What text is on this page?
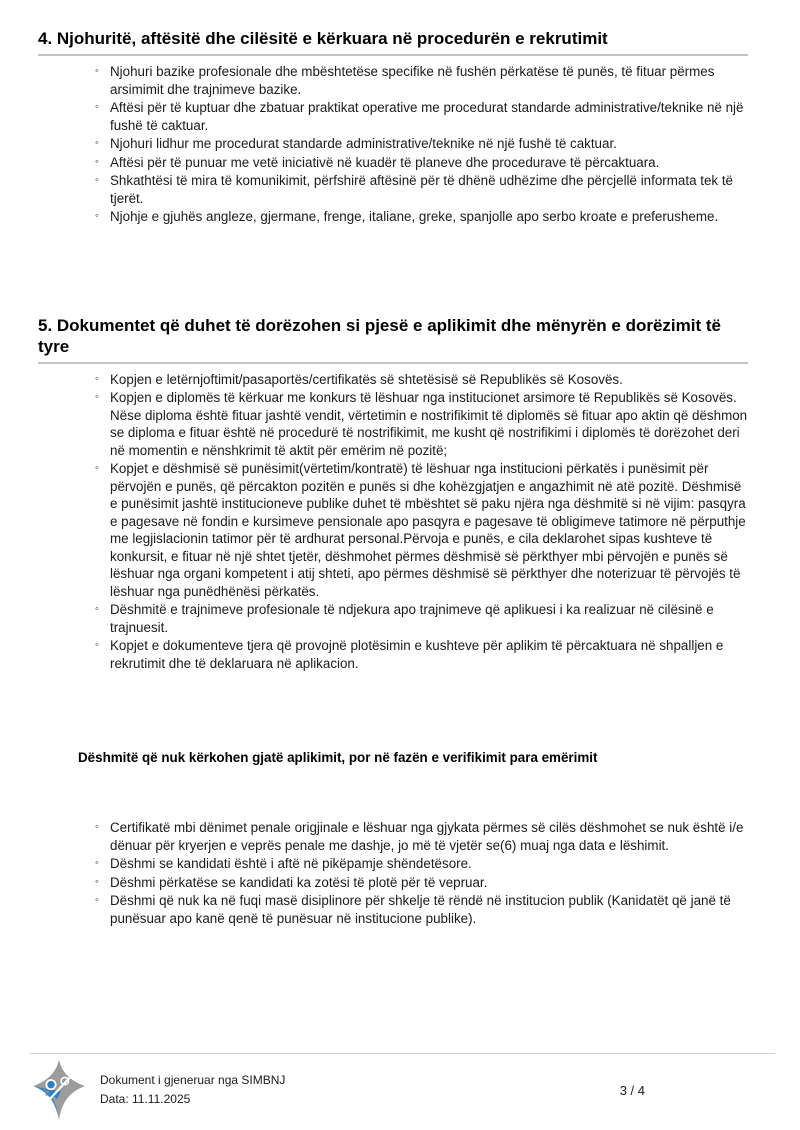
4. Njohuritë, aftësitë dhe cilësitë e kërkuara në procedurën e rekrutimit
◦ Njohuri bazike profesionale dhe mbështetëse specifike në fushën përkatëse të punës, të fituar përmes arsimimit dhe trajnimeve bazike.
◦ Aftësi për të kuptuar dhe zbatuar praktikat operative me procedurat standarde administrative/teknike në një fushë të caktuar.
◦ Njohuri lidhur me procedurat standarde administrative/teknike në një fushë të caktuar.
◦ Aftësi për të punuar me vetë iniciativë në kuadër të planeve dhe procedurave të përcaktuara.
◦ Shkathtësi të mira të komunikimit, përfshirë aftësinë për të dhënë udhëzime dhe përcjellë informata tek të tjerët.
◦ Njohje e gjuhës angleze, gjermane, frenge, italiane, greke, spanjolle apo serbo kroate e preferusheme.
5. Dokumentet që duhet të dorëzohen si pjesë e aplikimit dhe mënyrën e dorëzimit të tyre
◦ Kopjen e letërnjoftimit/pasaportës/certifikatës së shtetësisë së Republikës së Kosovës.
◦ Kopjen e diplomës të kërkuar me konkurs të lëshuar nga institucionet arsimore të Republikës së Kosovës. Nëse diploma është fituar jashtë vendit, vërtetimin e nostrifikimit të diplomës së fituar apo aktin që dëshmon se diploma e fituar është në procedurë të nostrifikimit, me kusht që nostrifikimi i diplomës të dorëzohet deri në momentin e nënshkrimit të aktit për emërim në pozitë;
◦ Kopjet e dëshmisë së punësimit(vërtetim/kontratë) të lëshuar nga institucioni përkatës i punësimit për përvojën e punës, që përcakton pozitën e punës si dhe kohëzgjatjen e angazhimit në atë pozitë. Dëshmisë e punësimit jashtë institucioneve publike duhet të mbështet së paku njëra nga dëshmitë si në vijim: pasqyra e pagesave në fondin e kursimeve pensionale apo pasqyra e pagesave të obligimeve tatimore në përputhje me legjislacionin tatimor për të ardhurat personal.Përvoja e punës, e cila deklarohet sipas kushteve të konkursit, e fituar në një shtet tjetër, dëshmohet përmes dëshmisë së përkthyer mbi përvojën e punës së lëshuar nga organi kompetent i atij shteti, apo përmes dëshmisë së përkthyer dhe noterizuar të përvojës të lëshuar nga punëdhënësi përkatës.
◦ Dëshmitë e trajnimeve profesionale të ndjekura apo trajnimeve që aplikuesi i ka realizuar në cilësinë e trajnuesit.
◦ Kopjet e dokumenteve tjera që provojnë plotësimin e kushteve për aplikim të përcaktuara në shpalljen e rekrutimit dhe të deklaruara në aplikacion.
Dëshmitë që nuk kërkohen gjatë aplikimit, por në fazën e verifikimit para emërimit
◦ Certifikatë mbi dënimet penale origjinale e lëshuar nga gjykata përmes së cilës dëshmohet se nuk është i/e dënuar për kryerjen e veprës penale me dashje, jo më të vjetër se(6) muaj nga data e lëshimit.
◦ Dëshmi se kandidati është i aftë në pikëpamje shëndetësore.
◦ Dëshmi përkatëse se kandidati ka zotësi të plotë për të vepruar.
◦ Dëshmi që nuk ka në fuqi masë disiplinore për shkelje të rëndë në institucion publik (Kanidatët që janë të punësuar apo kanë qenë të punësuar në institucione publike).
Dokument i gjeneruar nga SIMBNJ
Data: 11.11.2025
3 / 4
